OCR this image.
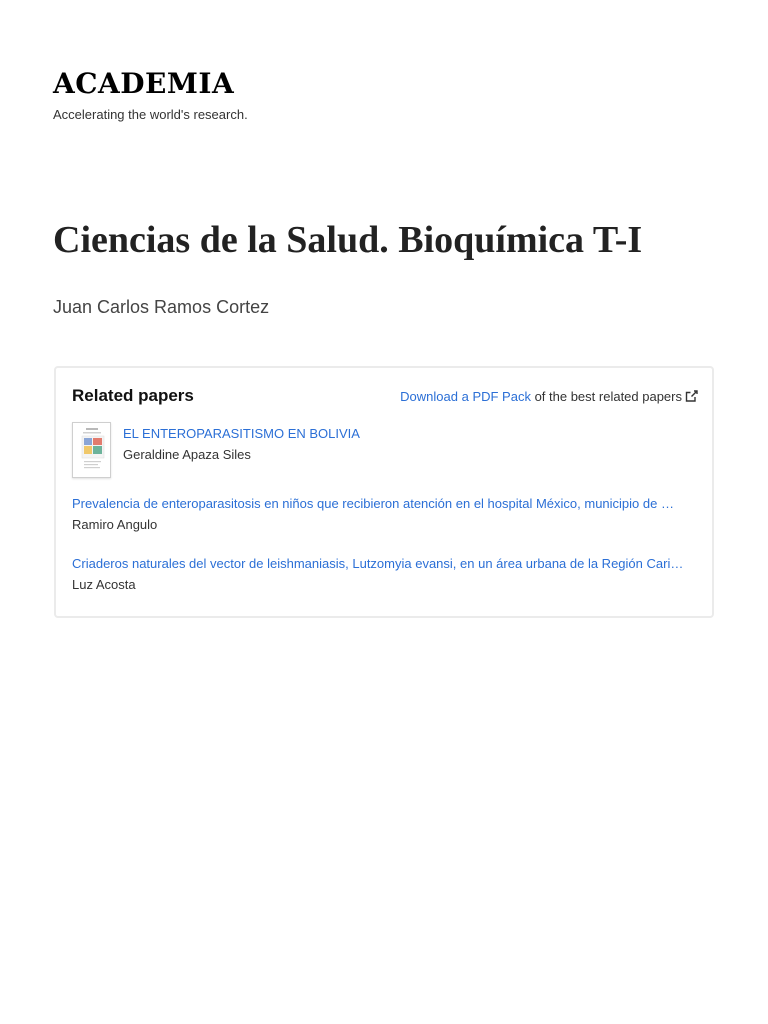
ACADEMIA
Accelerating the world's research.
Ciencias de la Salud. Bioquímica T-I
Juan Carlos Ramos Cortez
Related papers	Download a PDF Pack of the best related papers
EL ENTEROPARASITISMO EN BOLIVIA
Geraldine Apaza Siles
Prevalencia de enteroparasitosis en niños que recibieron atención en el hospital México, municipio de …
Ramiro Angulo
Criaderos naturales del vector de leishmaniasis, Lutzomyia evansi, en un área urbana de la Región Cari…
Luz Acosta
